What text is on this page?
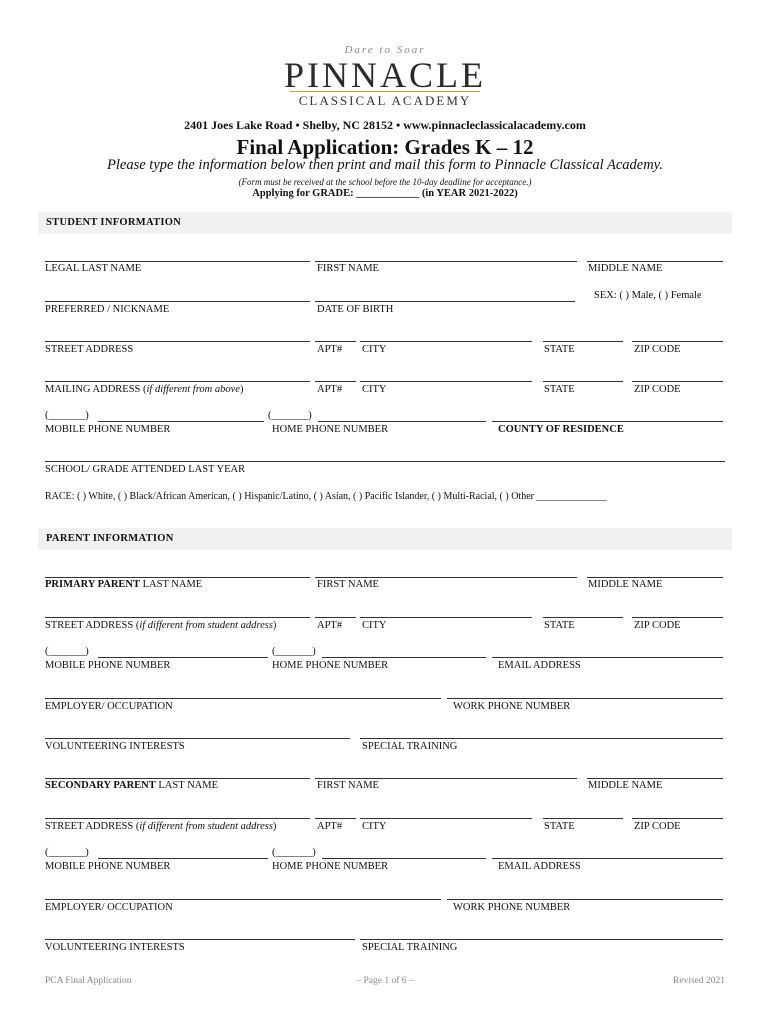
Dare to Soar
PINNACLE
CLASSICAL ACADEMY
2401 Joes Lake Road • Shelby, NC 28152 • www.pinnacleclassicalacademy.com
Final Application: Grades K – 12
Please type the information below then print and mail this form to Pinnacle Classical Academy.
(Form must be received at the school before the 10-day deadline for acceptance.)
Applying for GRADE: ____________ (in YEAR 2021-2022)
STUDENT INFORMATION
LEGAL LAST NAME	FIRST NAME	MIDDLE NAME
SEX: ( ) Male, ( ) Female
PREFERRED / NICKNAME	DATE OF BIRTH
STREET ADDRESS	APT# CITY	STATE	ZIP CODE
MAILING ADDRESS (if different from above)	APT# CITY	STATE	ZIP CODE
(_______)	(_______)
MOBILE PHONE NUMBER	HOME PHONE NUMBER	COUNTY OF RESIDENCE
SCHOOL/ GRADE ATTENDED LAST YEAR
RACE: ( ) White, ( ) Black/African American, ( ) Hispanic/Latino, ( ) Asian, ( ) Pacific Islander, ( ) Multi-Racial, ( ) Other ______________
PARENT INFORMATION
PRIMARY PARENT LAST NAME	FIRST NAME	MIDDLE NAME
STREET ADDRESS (if different from student address)	APT# CITY	STATE	ZIP CODE
(_______)	(_______)
MOBILE PHONE NUMBER	HOME PHONE NUMBER	EMAIL ADDRESS
EMPLOYER/ OCCUPATION	WORK PHONE NUMBER
VOLUNTEERING INTERESTS	SPECIAL TRAINING
SECONDARY PARENT LAST NAME	FIRST NAME	MIDDLE NAME
STREET ADDRESS (if different from student address)	APT# CITY	STATE	ZIP CODE
(_______)	(_______)
MOBILE PHONE NUMBER	HOME PHONE NUMBER	EMAIL ADDRESS
EMPLOYER/ OCCUPATION	WORK PHONE NUMBER
VOLUNTEERING INTERESTS	SPECIAL TRAINING
PCA Final Application	– Page 1 of 6 –	Revised 2021
